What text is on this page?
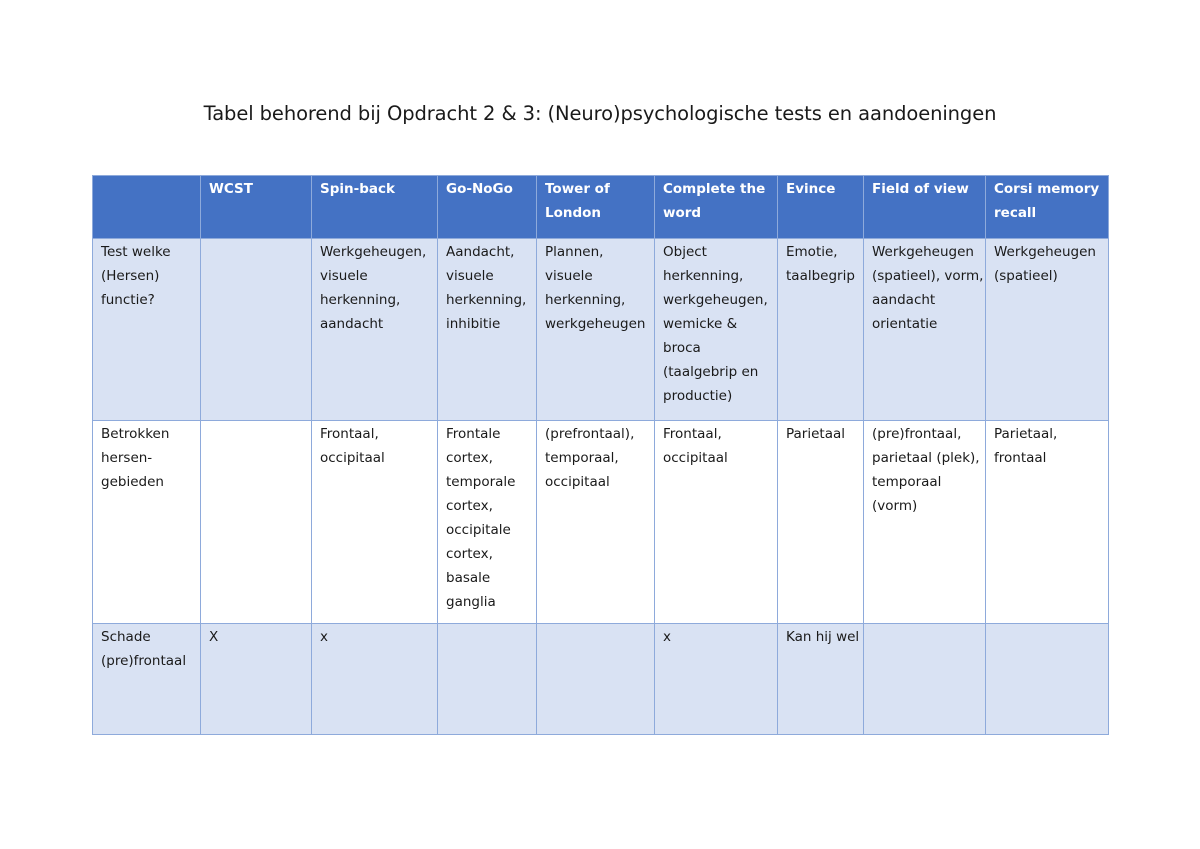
Tabel behorend bij Opdracht 2 & 3: (Neuro)psychologische tests en aandoeningen
	WCST	Spin-back	Go-NoGo	Tower of London	Complete the word	Evince	Field of view	Corsi memory recall
Test welke (Hersen) functie?		Werkgeheugen, visuele herkenning, aandacht	Aandacht, visuele herkenning, inhibitie	Plannen, visuele herkenning, werkgeheugen	Object herkenning, werkgeheugen, wemicke & broca (taalgebrip en productie)	Emotie, taalbegrip	Werkgeheugen (spatieel), vorm, aandacht orientatie	Werkgeheugen (spatieel)
Betrokken hersen-gebieden		Frontaal, occipitaal	Frontale cortex, temporale cortex, occipitale cortex, basale ganglia	(prefrontaal), temporaal, occipitaal	Frontaal, occipitaal	Parietaal	(pre)frontaal, parietaal (plek), temporaal (vorm)	Parietaal, frontaal
Schade (pre)frontaal	X	x			x	Kan hij wel		
